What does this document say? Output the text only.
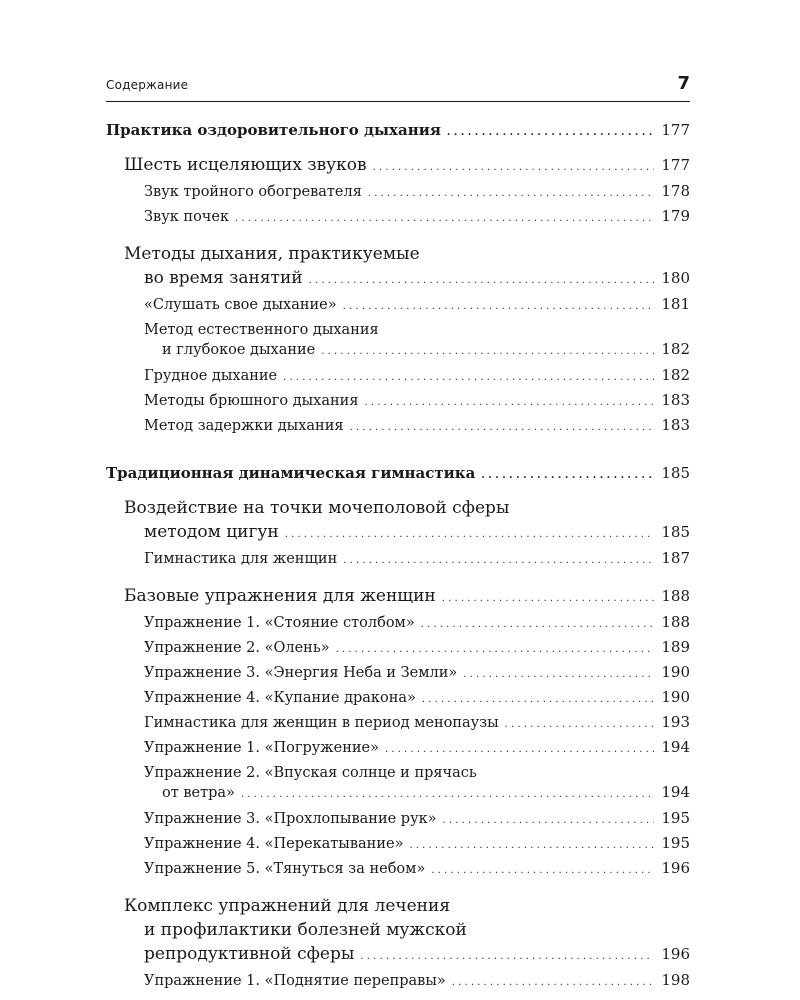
Содержание	7
Практика оздоровительного дыхания . . .	177
Шесть исцеляющих звуков . . .	177
Звук тройного обогревателя . . .	178
Звук почек . . .	179
Методы дыхания, практикуемые
во время занятий . . .	180
«Слушать свое дыхание» . . .	181
Метод естественного дыхания
и глубокое дыхание . . .	182
Грудное дыхание . . .	182
Методы брюшного дыхания . . .	183
Метод задержки дыхания . . .	183
Традиционная динамическая гимнастика . . .	185
Воздействие на точки мочеполовой сферы
методом цигун . . .	185
Гимнастика для женщин . . .	187
Базовые упражнения для женщин . . .	188
Упражнение 1. «Стояние столбом» . . .	188
Упражнение 2. «Олень» . . .	189
Упражнение 3. «Энергия Неба и Земли» . . .	190
Упражнение 4. «Купание дракона» . . .	190
Гимнастика для женщин в период менопаузы . . .	193
Упражнение 1. «Погружение» . . .	194
Упражнение 2. «Впуская солнце и прячась
от ветра» . . .	194
Упражнение 3. «Прохлопывание рук» . . .	195
Упражнение 4. «Перекатывание» . . .	195
Упражнение 5. «Тянуться за небом» . . .	196
Комплекс упражнений для лечения
и профилактики болезней мужской
репродуктивной сферы . . .	196
Упражнение 1. «Поднятие переправы» . . .	198
